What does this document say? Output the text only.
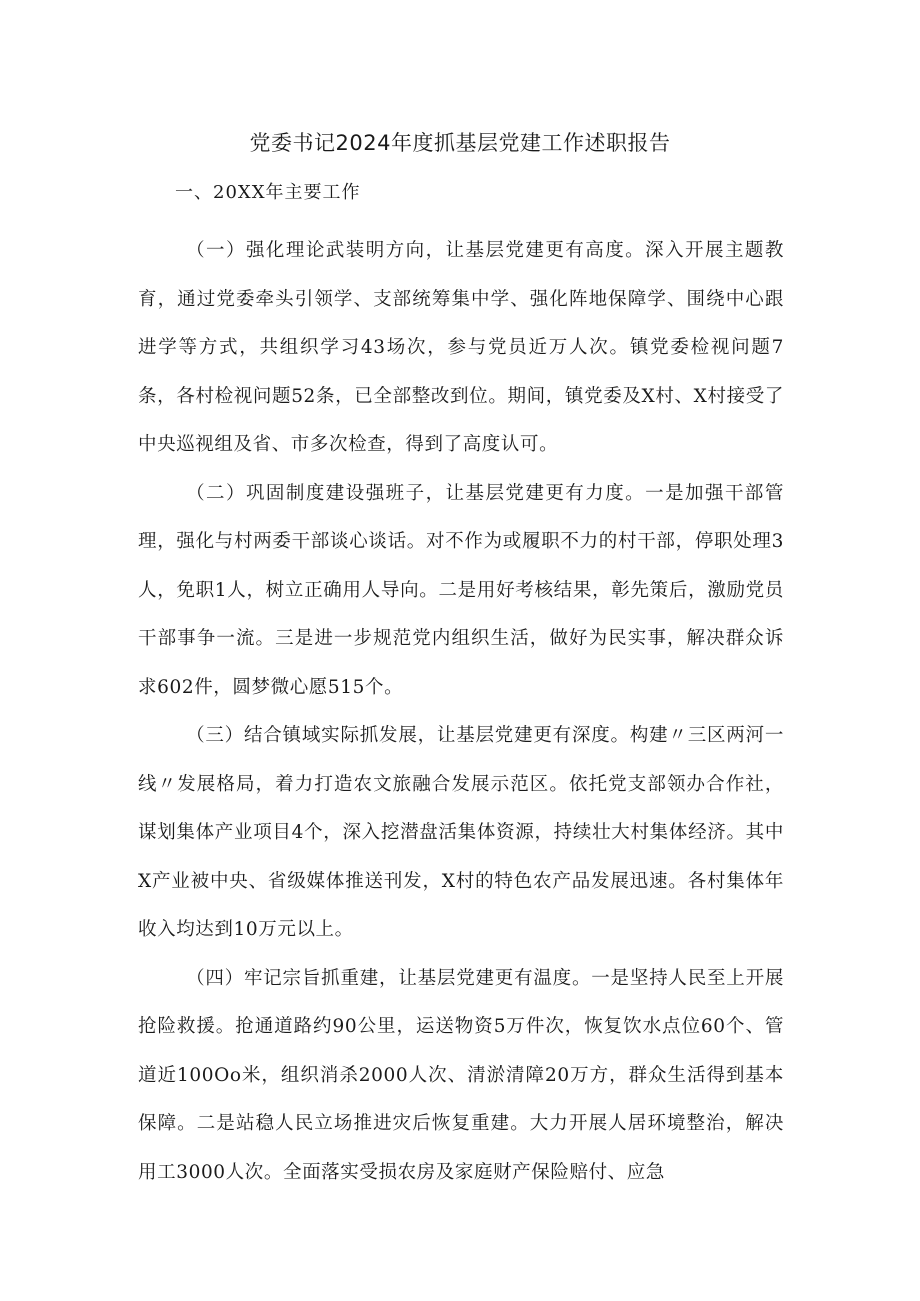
党委书记2024年度抓基层党建工作述职报告

一、20XX年主要工作

（一）强化理论武装明方向，让基层党建更有高度。深入开展主题教育，通过党委牵头引领学、支部统筹集中学、强化阵地保障学、围绕中心跟进学等方式，共组织学习43场次，参与党员近万人次。镇党委检视问题7条，各村检视问题52条，已全部整改到位。期间，镇党委及X村、X村接受了中央巡视组及省、市多次检查，得到了高度认可。

（二）巩固制度建设强班子，让基层党建更有力度。一是加强干部管理，强化与村两委干部谈心谈话。对不作为或履职不力的村干部，停职处理3人，免职1人，树立正确用人导向。二是用好考核结果，彰先策后，激励党员干部事争一流。三是进一步规范党内组织生活，做好为民实事，解决群众诉求602件，圆梦微心愿515个。

（三）结合镇域实际抓发展，让基层党建更有深度。构建〃三区两河一线〃发展格局，着力打造农文旅融合发展示范区。依托党支部领办合作社，谋划集体产业项目4个，深入挖潜盘活集体资源，持续壮大村集体经济。其中X产业被中央、省级媒体推送刊发，X村的特色农产品发展迅速。各村集体年收入均达到10万元以上。

（四）牢记宗旨抓重建，让基层党建更有温度。一是坚持人民至上开展抢险救援。抢通道路约90公里，运送物资5万件次，恢复饮水点位60个、管道近100Oo米，组织消杀2000人次、清淤清障20万方，群众生活得到基本保障。二是站稳人民立场推进灾后恢复重建。大力开展人居环境整治，解决用工3000人次。全面落实受损农房及家庭财产保险赔付、应急
